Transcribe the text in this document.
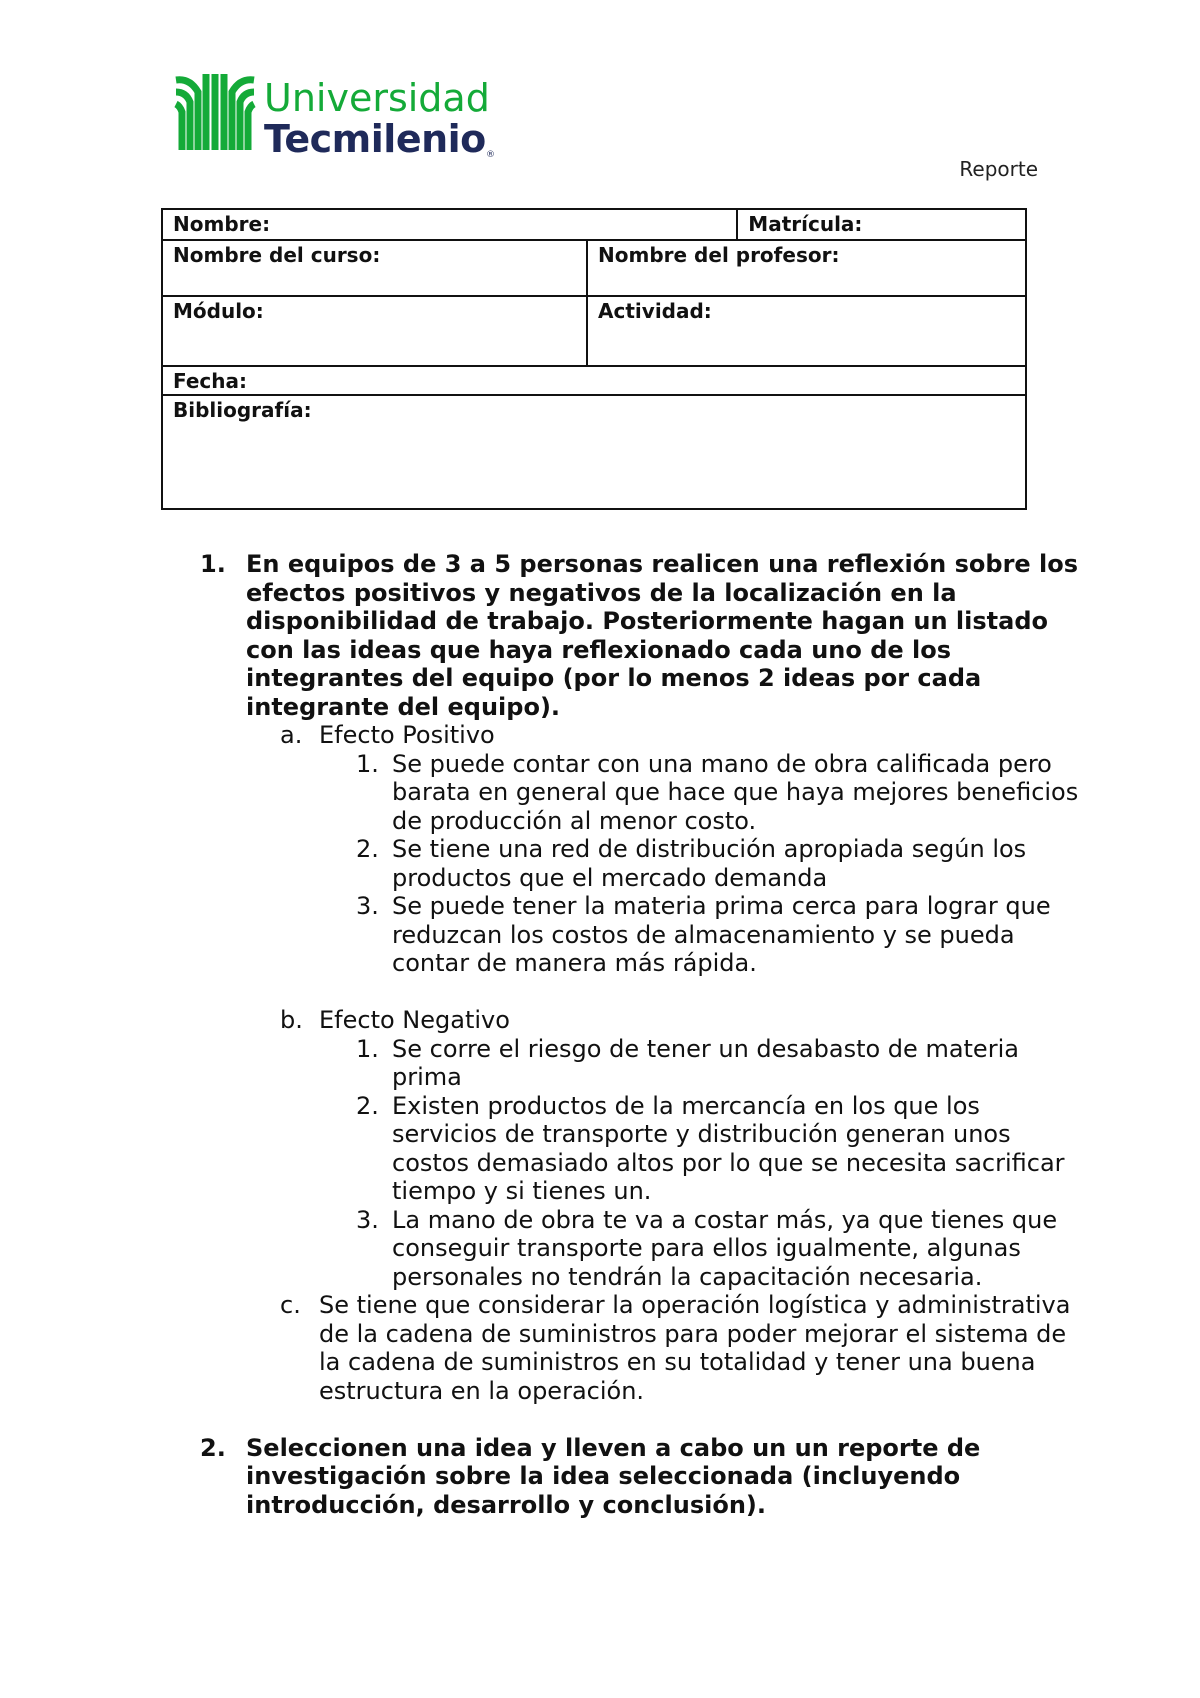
Universidad
Tecmilenio ®
Reporte
Nombre:	Matrícula:
Nombre del curso:	Nombre del profesor:
Módulo:	Actividad:
Fecha:
Bibliografía:
1. En equipos de 3 a 5 personas realicen una reflexión sobre los efectos positivos y negativos de la localización en la disponibilidad de trabajo. Posteriormente hagan un listado con las ideas que haya reflexionado cada uno de los integrantes del equipo (por lo menos 2 ideas por cada integrante del equipo).
a. Efecto Positivo
1. Se puede contar con una mano de obra calificada pero barata en general que hace que haya mejores beneficios de producción al menor costo.
2. Se tiene una red de distribución apropiada según los productos que el mercado demanda
3. Se puede tener la materia prima cerca para lograr que reduzcan los costos de almacenamiento y se pueda contar de manera más rápida.
b. Efecto Negativo
1. Se corre el riesgo de tener un desabasto de materia prima
2. Existen productos de la mercancía en los que los servicios de transporte y distribución generan unos costos demasiado altos por lo que se necesita sacrificar tiempo y si tienes un.
3. La mano de obra te va a costar más, ya que tienes que conseguir transporte para ellos igualmente, algunas personales no tendrán la capacitación necesaria.
c. Se tiene que considerar la operación logística y administrativa de la cadena de suministros para poder mejorar el sistema de la cadena de suministros en su totalidad y tener una buena estructura en la operación.
2. Seleccionen una idea y lleven a cabo un un reporte de investigación sobre la idea seleccionada (incluyendo introducción, desarrollo y conclusión).
